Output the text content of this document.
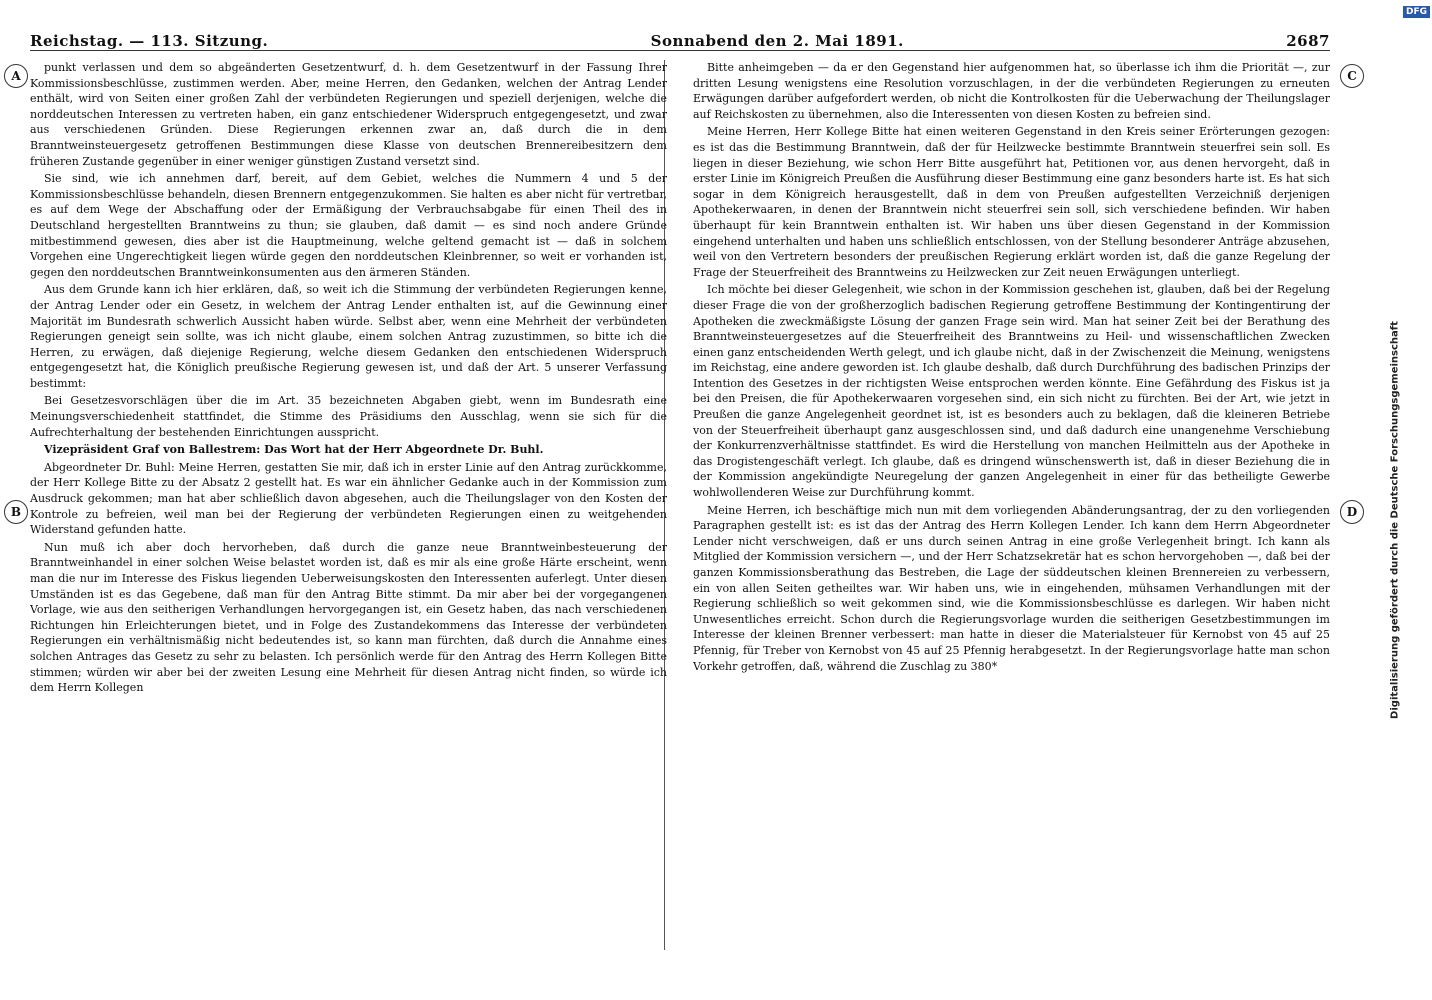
Reichstag. — 113. Sitzung.	Sonnabend den 2. Mai 1891.	2687
A
B
C
D

punkt verlassen und dem so abgeänderten Gesetzentwurf, d. h. dem Gesetzentwurf in der Fassung Ihrer Kommissionsbeschlüsse, zustimmen werden. Aber, meine Herren, den Gedanken, welchen der Antrag Lender enthält, wird von Seiten einer großen Zahl der verbündeten Regierungen und speziell derjenigen, welche die norddeutschen Interessen zu vertreten haben, ein ganz entschiedener Widerspruch entgegengesetzt, und zwar aus verschiedenen Gründen. Diese Regierungen erkennen zwar an, daß durch die in dem Branntweinsteuergesetz getroffenen Bestimmungen diese Klasse von deutschen Brennereibesitzern dem früheren Zustande gegenüber in einer weniger günstigen Zustand versetzt sind.

Sie sind, wie ich annehmen darf, bereit, auf dem Gebiet, welches die Nummern 4 und 5 der Kommissionsbeschlüsse behandeln, diesen Brennern entgegenzukommen. Sie halten es aber nicht für vertretbar, es auf dem Wege der Abschaffung oder der Ermäßigung der Verbrauchsabgabe für einen Theil des in Deutschland hergestellten Branntweins zu thun; sie glauben, daß damit — es sind noch andere Gründe mitbestimmend gewesen, dies aber ist die Hauptmeinung, welche geltend gemacht ist — daß in solchem Vorgehen eine Ungerechtigkeit liegen würde gegen den norddeutschen Kleinbrenner, so weit er vorhanden ist, gegen den norddeutschen Branntweinkonsumenten aus den ärmeren Ständen.

Aus dem Grunde kann ich hier erklären, daß, so weit ich die Stimmung der verbündeten Regierungen kenne, der Antrag Lender oder ein Gesetz, in welchem der Antrag Lender enthalten ist, auf die Gewinnung einer Majorität im Bundesrath schwerlich Aussicht haben würde. Selbst aber, wenn eine Mehrheit der verbündeten Regierungen geneigt sein sollte, was ich nicht glaube, einem solchen Antrag zuzustimmen, so bitte ich die Herren, zu erwägen, daß diejenige Regierung, welche diesem Gedanken den entschiedenen Widerspruch entgegengesetzt hat, die Königlich preußische Regierung gewesen ist, und daß der Art. 5 unserer Verfassung bestimmt:

Bei Gesetzesvorschlägen über die im Art. 35 bezeichneten Abgaben giebt, wenn im Bundesrath eine Meinungsverschiedenheit stattfindet, die Stimme des Präsidiums den Ausschlag, wenn sie sich für die Aufrechterhaltung der bestehenden Einrichtungen ausspricht.

Vizepräsident Graf von Ballestrem: Das Wort hat der Herr Abgeordnete Dr. Buhl.

Abgeordneter Dr. Buhl: Meine Herren, gestatten Sie mir, daß ich in erster Linie auf den Antrag zurückkomme, der Herr Kollege Bitte zu der Absatz 2 gestellt hat. Es war ein ähnlicher Gedanke auch in der Kommission zum Ausdruck gekommen; man hat aber schließlich davon abgesehen, auch die Theilungslager von den Kosten der Kontrole zu befreien, weil man bei der Regierung der verbündeten Regierungen einen zu weitgehenden Widerstand gefunden hatte.

Nun muß ich aber doch hervorheben, daß durch die ganze neue Branntweinbesteuerung der Branntweinhandel in einer solchen Weise belastet worden ist, daß es mir als eine große Härte erscheint, wenn man die nur im Interesse des Fiskus liegenden Ueberweisungskosten den Interessenten auferlegt. Unter diesen Umständen ist es das Gegebene, daß man für den Antrag Bitte stimmt. Da mir aber bei der vorgegangenen Vorlage, wie aus den seitherigen Verhandlungen hervorgegangen ist, ein Gesetz haben, das nach verschiedenen Richtungen hin Erleichterungen bietet, und in Folge des Zustandekommens das Interesse der verbündeten Regierungen ein verhältnismäßig nicht bedeutendes ist, so kann man fürchten, daß durch die Annahme eines solchen Antrages das Gesetz zu sehr zu belasten. Ich persönlich werde für den Antrag des Herrn Kollegen Bitte stimmen; würden wir aber bei der zweiten Lesung eine Mehrheit für diesen Antrag nicht finden, so würde ich dem Herrn Kollegen

Bitte anheimgeben — da er den Gegenstand hier aufgenommen hat, so überlasse ich ihm die Priorität —, zur dritten Lesung wenigstens eine Resolution vorzuschlagen, in der die verbündeten Regierungen zu erneuten Erwägungen darüber aufgefordert werden, ob nicht die Kontrolkosten für die Ueberwachung der Theilungslager auf Reichskosten zu übernehmen, also die Interessenten von diesen Kosten zu befreien sind.

Meine Herren, Herr Kollege Bitte hat einen weiteren Gegenstand in den Kreis seiner Erörterungen gezogen: es ist das die Bestimmung Branntwein, daß der für Heilzwecke bestimmte Branntwein steuerfrei sein soll. Es liegen in dieser Beziehung, wie schon Herr Bitte ausgeführt hat, Petitionen vor, aus denen hervorgeht, daß in erster Linie im Königreich Preußen die Ausführung dieser Bestimmung eine ganz besonders harte ist. Es hat sich sogar in dem Königreich herausgestellt, daß in dem von Preußen aufgestellten Verzeichniß derjenigen Apothekerwaaren, in denen der Branntwein nicht steuerfrei sein soll, sich verschiedene befinden. Wir haben überhaupt für kein Branntwein enthalten ist. Wir haben uns über diesen Gegenstand in der Kommission eingehend unterhalten und haben uns schließlich entschlossen, von der Stellung besonderer Anträge abzusehen, weil von den Vertretern besonders der preußischen Regierung erklärt worden ist, daß die ganze Regelung der Frage der Steuerfreiheit des Branntweins zu Heilzwecken zur Zeit neuen Erwägungen unterliegt.

Ich möchte bei dieser Gelegenheit, wie schon in der Kommission geschehen ist, glauben, daß bei der Regelung dieser Frage die von der großherzoglich badischen Regierung getroffene Bestimmung der Kontingentirung der Apotheken die zweckmäßigste Lösung der ganzen Frage sein wird. Man hat seiner Zeit bei der Berathung des Branntweinsteuergesetzes auf die Steuerfreiheit des Branntweins zu Heil- und wissenschaftlichen Zwecken einen ganz entscheidenden Werth gelegt, und ich glaube nicht, daß in der Zwischenzeit die Meinung, wenigstens im Reichstag, eine andere geworden ist. Ich glaube deshalb, daß durch Durchführung des badischen Prinzips der Intention des Gesetzes in der richtigsten Weise entsprochen werden könnte. Eine Gefährdung des Fiskus ist ja bei den Preisen, die für Apothekerwaaren vorgesehen sind, ein sich nicht zu fürchten. Bei der Art, wie jetzt in Preußen die ganze Angelegenheit geordnet ist, ist es besonders auch zu beklagen, daß die kleineren Betriebe von der Steuerfreiheit überhaupt ganz ausgeschlossen sind, und daß dadurch eine unangenehme Verschiebung der Konkurrenzverhältnisse stattfindet. Es wird die Herstellung von manchen Heilmitteln aus der Apotheke in das Drogistengeschäft verlegt. Ich glaube, daß es dringend wünschenswerth ist, daß in dieser Beziehung die in der Kommission angekündigte Neuregelung der ganzen Angelegenheit in einer für das betheiligte Gewerbe wohlwollenderen Weise zur Durchführung kommt.

Meine Herren, ich beschäftige mich nun mit dem vorliegenden Abänderungsantrag, der zu den vorliegenden Paragraphen gestellt ist: es ist das der Antrag des Herrn Kollegen Lender. Ich kann dem Herrn Abgeordneter Lender nicht verschweigen, daß er uns durch seinen Antrag in eine große Verlegenheit bringt. Ich kann als Mitglied der Kommission versichern —, und der Herr Schatzsekretär hat es schon hervorgehoben —, daß bei der ganzen Kommissionsberathung das Bestreben, die Lage der süddeutschen kleinen Brennereien zu verbessern, ein von allen Seiten getheiltes war. Wir haben uns, wie in eingehenden, mühsamen Verhandlungen mit der Regierung schließlich so weit gekommen sind, wie die Kommissionsbeschlüsse es darlegen. Wir haben nicht Unwesentliches erreicht. Schon durch die Regierungsvorlage wurden die seitherigen Gesetzbestimmungen im Interesse der kleinen Brenner verbessert: man hatte in dieser die Materialsteuer für Kernobst von 45 auf 25 Pfennig, für Treber von Kernobst von 45 auf 25 Pfennig herabgesetzt. In der Regierungsvorlage hatte man schon Vorkehr getroffen, daß, während die Zuschlag zu 380*	Digitalisierung gefördert durch die Deutsche Forschungsgemeinschaft
DFG
